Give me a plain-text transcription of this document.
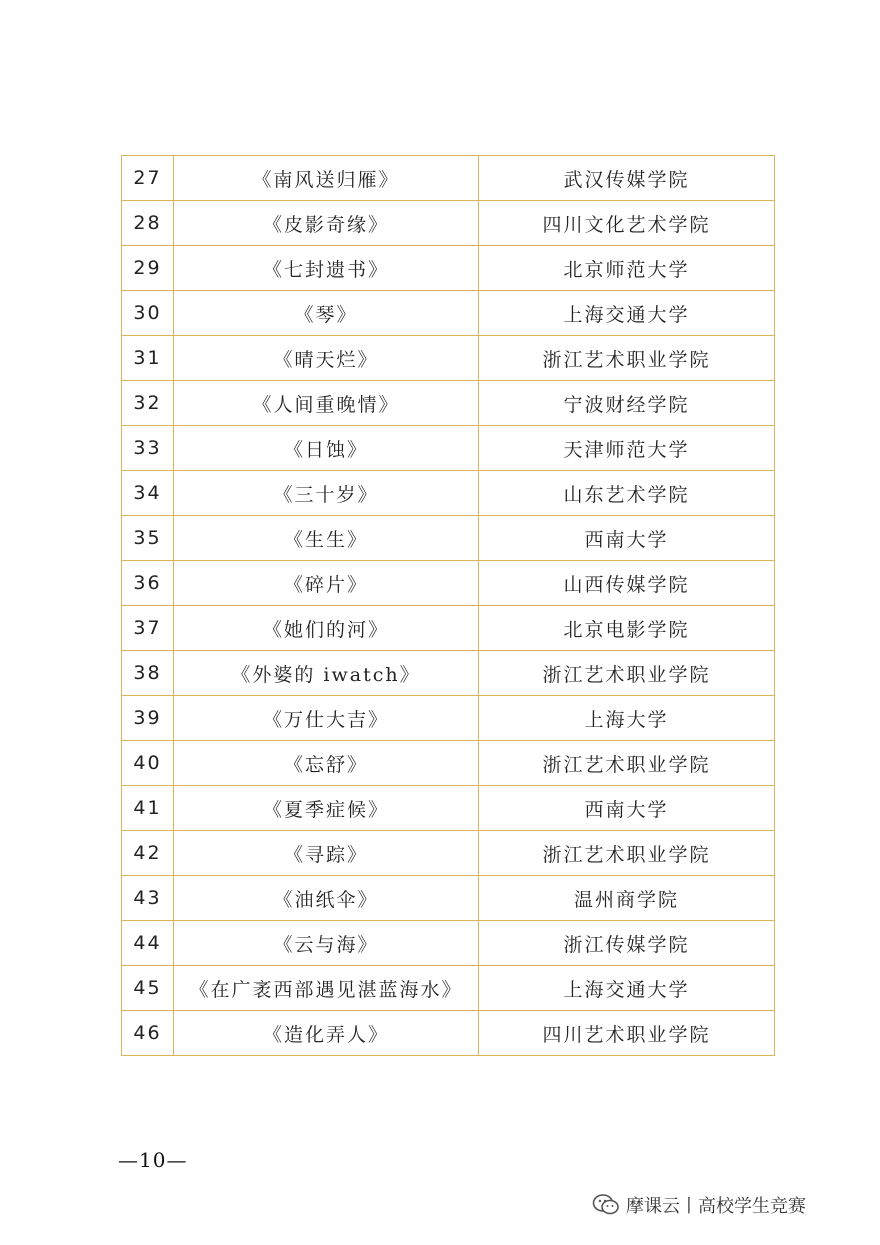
27	《南风送归雁》	武汉传媒学院
28	《皮影奇缘》	四川文化艺术学院
29	《七封遗书》	北京师范大学
30	《琴》	上海交通大学
31	《晴天烂》	浙江艺术职业学院
32	《人间重晚情》	宁波财经学院
33	《日蚀》	天津师范大学
34	《三十岁》	山东艺术学院
35	《生生》	西南大学
36	《碎片》	山西传媒学院
37	《她们的河》	北京电影学院
38	《外婆的 iwatch》	浙江艺术职业学院
39	《万仕大吉》	上海大学
40	《忘舒》	浙江艺术职业学院
41	《夏季症候》	西南大学
42	《寻踪》	浙江艺术职业学院
43	《油纸伞》	温州商学院
44	《云与海》	浙江传媒学院
45	《在广袤西部遇见湛蓝海水》	上海交通大学
46	《造化弄人》	四川艺术职业学院
—10—
摩课云丨高校学生竞赛
